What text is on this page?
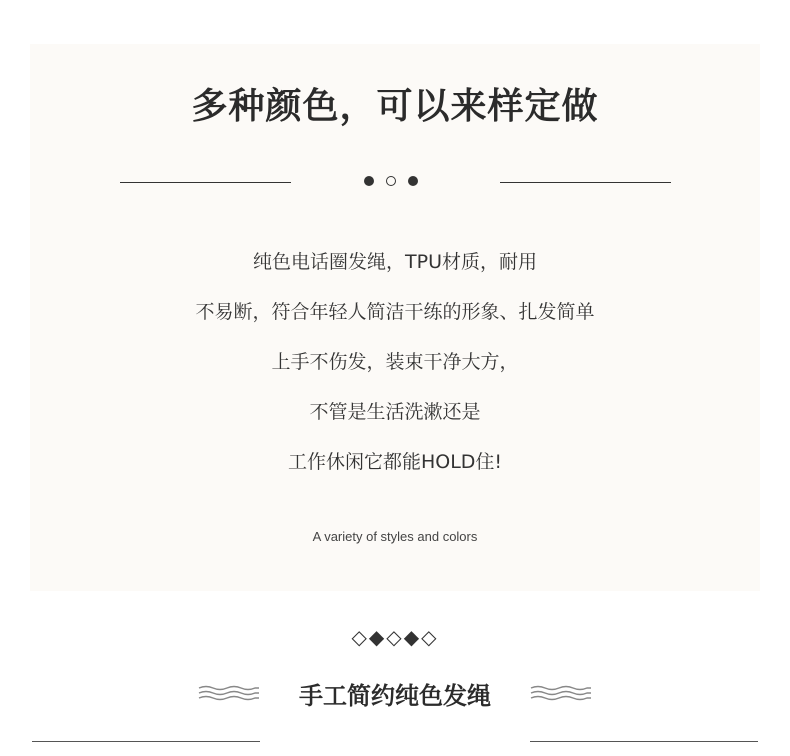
多种颜色，可以来样定做
纯色电话圈发绳，TPU材质，耐用
不易断，符合年轻人简洁干练的形象、扎发简单
上手不伤发，装束干净大方，
不管是生活洗漱还是
工作休闲它都能HOLD住!
A variety of styles and colors
◇◆◇◆◇
手工简约纯色发绳
